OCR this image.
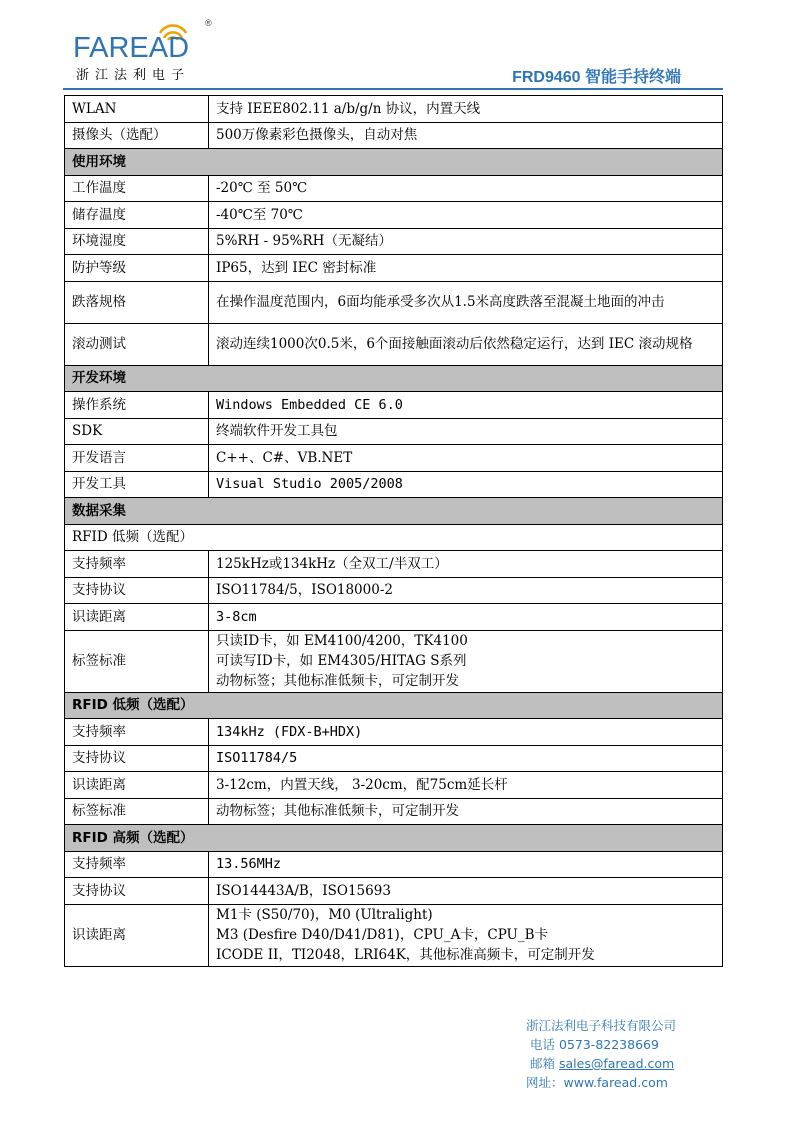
®
FAREAD
浙江法利电子	FRD9460 智能手持终端
WLAN	支持 IEEE802.11 a/b/g/n 协议，内置天线
摄像头（选配）	500万像素彩色摄像头，自动对焦
使用环境	
工作温度	-20℃ 至 50℃
储存温度	-40℃至 70℃
环境湿度	5%RH - 95%RH（无凝结）
防护等级	IP65，达到 IEC 密封标准
跌落规格	在操作温度范围内，6面均能承受多次从1.5米高度跌落至混凝土地面的冲击
滚动测试	滚动连续1000次0.5米，6个面接触面滚动后依然稳定运行，达到 IEC 滚动规格
开发环境	
操作系统	Windows Embedded CE 6.0
SDK	终端软件开发工具包
开发语言	C++、C#、VB.NET
开发工具	Visual Studio 2005/2008
数据采集	
RFID 低频（选配）	
支持频率	125kHz或134kHz（全双工/半双工）
支持协议	ISO11784/5，ISO18000-2
识读距离	3-8cm
标签标准	只读ID卡，如 EM4100/4200，TK4100
可读写ID卡，如 EM4305/HITAG S系列
动物标签；其他标准低频卡，可定制开发

RFID 低频（选配）	
支持频率	134kHz (FDX-B+HDX)
支持协议	ISO11784/5
识读距离	3-12cm，内置天线， 3-20cm，配75cm延长杆
标签标准	动物标签；其他标准低频卡，可定制开发
RFID 高频（选配）	
支持频率	13.56MHz
支持协议	ISO14443A/B，ISO15693
识读距离	M1卡 (S50/70)，M0 (Ultralight)
M3 (Desfire D40/D41/D81)，CPU_A卡，CPU_B卡
ICODE II，TI2048，LRI64K，其他标准高频卡，可定制开发
浙江法利电子科技有限公司
电话 0573-82238669
邮箱 sales@faread.com
网址：www.faread.com
